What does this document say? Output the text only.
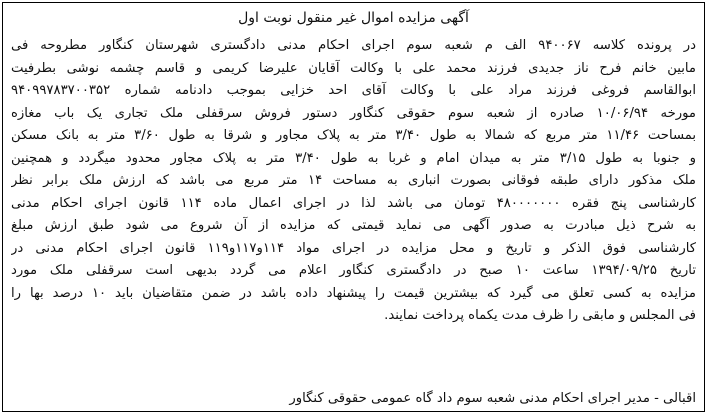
آگهی مزایده اموال غیر منقول نوبت اول
در پرونده کلاسه ۹۴۰۰۶۷ الف م شعبه سوم اجرای احکام مدنی دادگستری شهرستان کنگاور مطروحه فی
مابین خانم فرح ناز جدیدی فرزند محمد علی با وکالت آقایان علیرضا کریمی و قاسم چشمه نوشی بطرفیت
ابوالقاسم فروغی فرزند مراد علی با وکالت آقای احد خزایی بموجب دادنامه شماره ۹۴۰۹۹۷۸۳۷۰۰۳۵۲
مورخه ۱۰/۰۶/۹۴ صادره از شعبه سوم حقوقی کنگاور دستور فروش سرقفلی ملک تجاری یک باب مغازه
بمساحت ۱۱/۴۶ متر مربع که شمالا به طول ۳/۴۰ متر به پلاک مجاور و شرقا به طول ۳/۶۰ متر به بانک مسکن
و جنوبا به طول ۳/۱۵ متر به میدان امام و غربا به طول ۳/۴۰ متر به پلاک مجاور محدود میگردد و همچنین
ملک مذکور دارای طبقه فوقانی بصورت انباری به مساحت ۱۴ متر مربع می باشد که ارزش ملک برابر نظر
کارشناسی پنج فقره ۴۸۰۰۰۰۰۰۰ تومان می باشد لذا در اجرای اعمال ماده ۱۱۴ قانون اجرای احکام مدنی
به شرح ذیل مبادرت به صدور آگهی می نماید قیمتی که مزایده از آن شروع می شود طبق ارزش مبلغ
کارشناسی فوق الذکر و تاریخ و محل مزایده در اجرای مواد ۱۱۴و۱۱۷و۱۱۹ قانون اجرای احکام مدنی در
تاریخ ۱۳۹۴/۰۹/۲۵ ساعت ۱۰ صبح در دادگستری کنگاور اعلام می گردد بدیهی است سرقفلی ملک مورد
مزایده به کسی تعلق می گیرد که بیشترین قیمت را پیشنهاد داده باشد در ضمن متقاضیان باید ۱۰ درصد بها را
فی المجلس و مابقی را ظرف مدت یکماه پرداخت نمایند.
اقبالی - مدیر اجرای احکام مدنی شعبه سوم داد گاه عمومی حقوقی کنگاور
